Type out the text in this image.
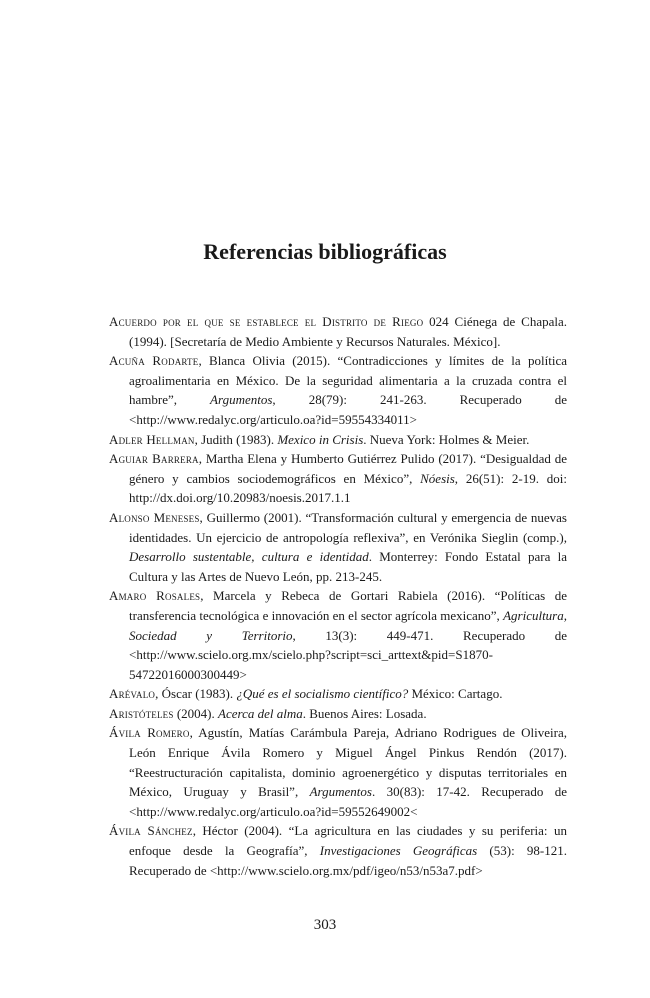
Referencias bibliográficas

Acuerdo por el que se establece el Distrito de Riego 024 Ciénega de Chapala. (1994). [Secretaría de Medio Ambiente y Recursos Naturales. México].

Acuña Rodarte, Blanca Olivia (2015). “Contradicciones y límites de la política agroalimentaria en México. De la seguridad alimentaria a la cruzada contra el hambre”, Argumentos, 28(79): 241-263. Recuperado de <http://www.redalyc.org/articulo.oa?id=59554334011>

Adler Hellman, Judith (1983). Mexico in Crisis. Nueva York: Holmes & Meier.

Aguiar Barrera, Martha Elena y Humberto Gutiérrez Pulido (2017). “Desigualdad de género y cambios sociodemográficos en México”, Nóesis, 26(51): 2-19. doi: http://dx.doi.org/10.20983/noesis.2017.1.1

Alonso Meneses, Guillermo (2001). “Transformación cultural y emergencia de nuevas identidades. Un ejercicio de antropología reflexiva”, en Verónika Sieglin (comp.), Desarrollo sustentable, cultura e identidad. Monterrey: Fondo Estatal para la Cultura y las Artes de Nuevo León, pp. 213-245.

Amaro Rosales, Marcela y Rebeca de Gortari Rabiela (2016). “Políticas de transferencia tecnológica e innovación en el sector agrícola mexicano”, Agricultura, Sociedad y Territorio, 13(3): 449-471. Recuperado de <http://www.scielo.org.mx/scielo.php?script=sci_arttext&pid=S1870-54722016000300449>

Arévalo, Óscar (1983). ¿Qué es el socialismo científico? México: Cartago.

Aristóteles (2004). Acerca del alma. Buenos Aires: Losada.

Ávila Romero, Agustín, Matías Carámbula Pareja, Adriano Rodrigues de Oliveira, León Enrique Ávila Romero y Miguel Ángel Pinkus Rendón (2017). “Reestructuración capitalista, dominio agroenergético y disputas territoriales en México, Uruguay y Brasil”, Argumentos. 30(83): 17-42. Recuperado de <http://www.redalyc.org/articulo.oa?id=59552649002<

Ávila Sánchez, Héctor (2004). “La agricultura en las ciudades y su periferia: un enfoque desde la Geografía”, Investigaciones Geográficas (53): 98-121. Recuperado de <http://www.scielo.org.mx/pdf/igeo/n53/n53a7.pdf>

303
